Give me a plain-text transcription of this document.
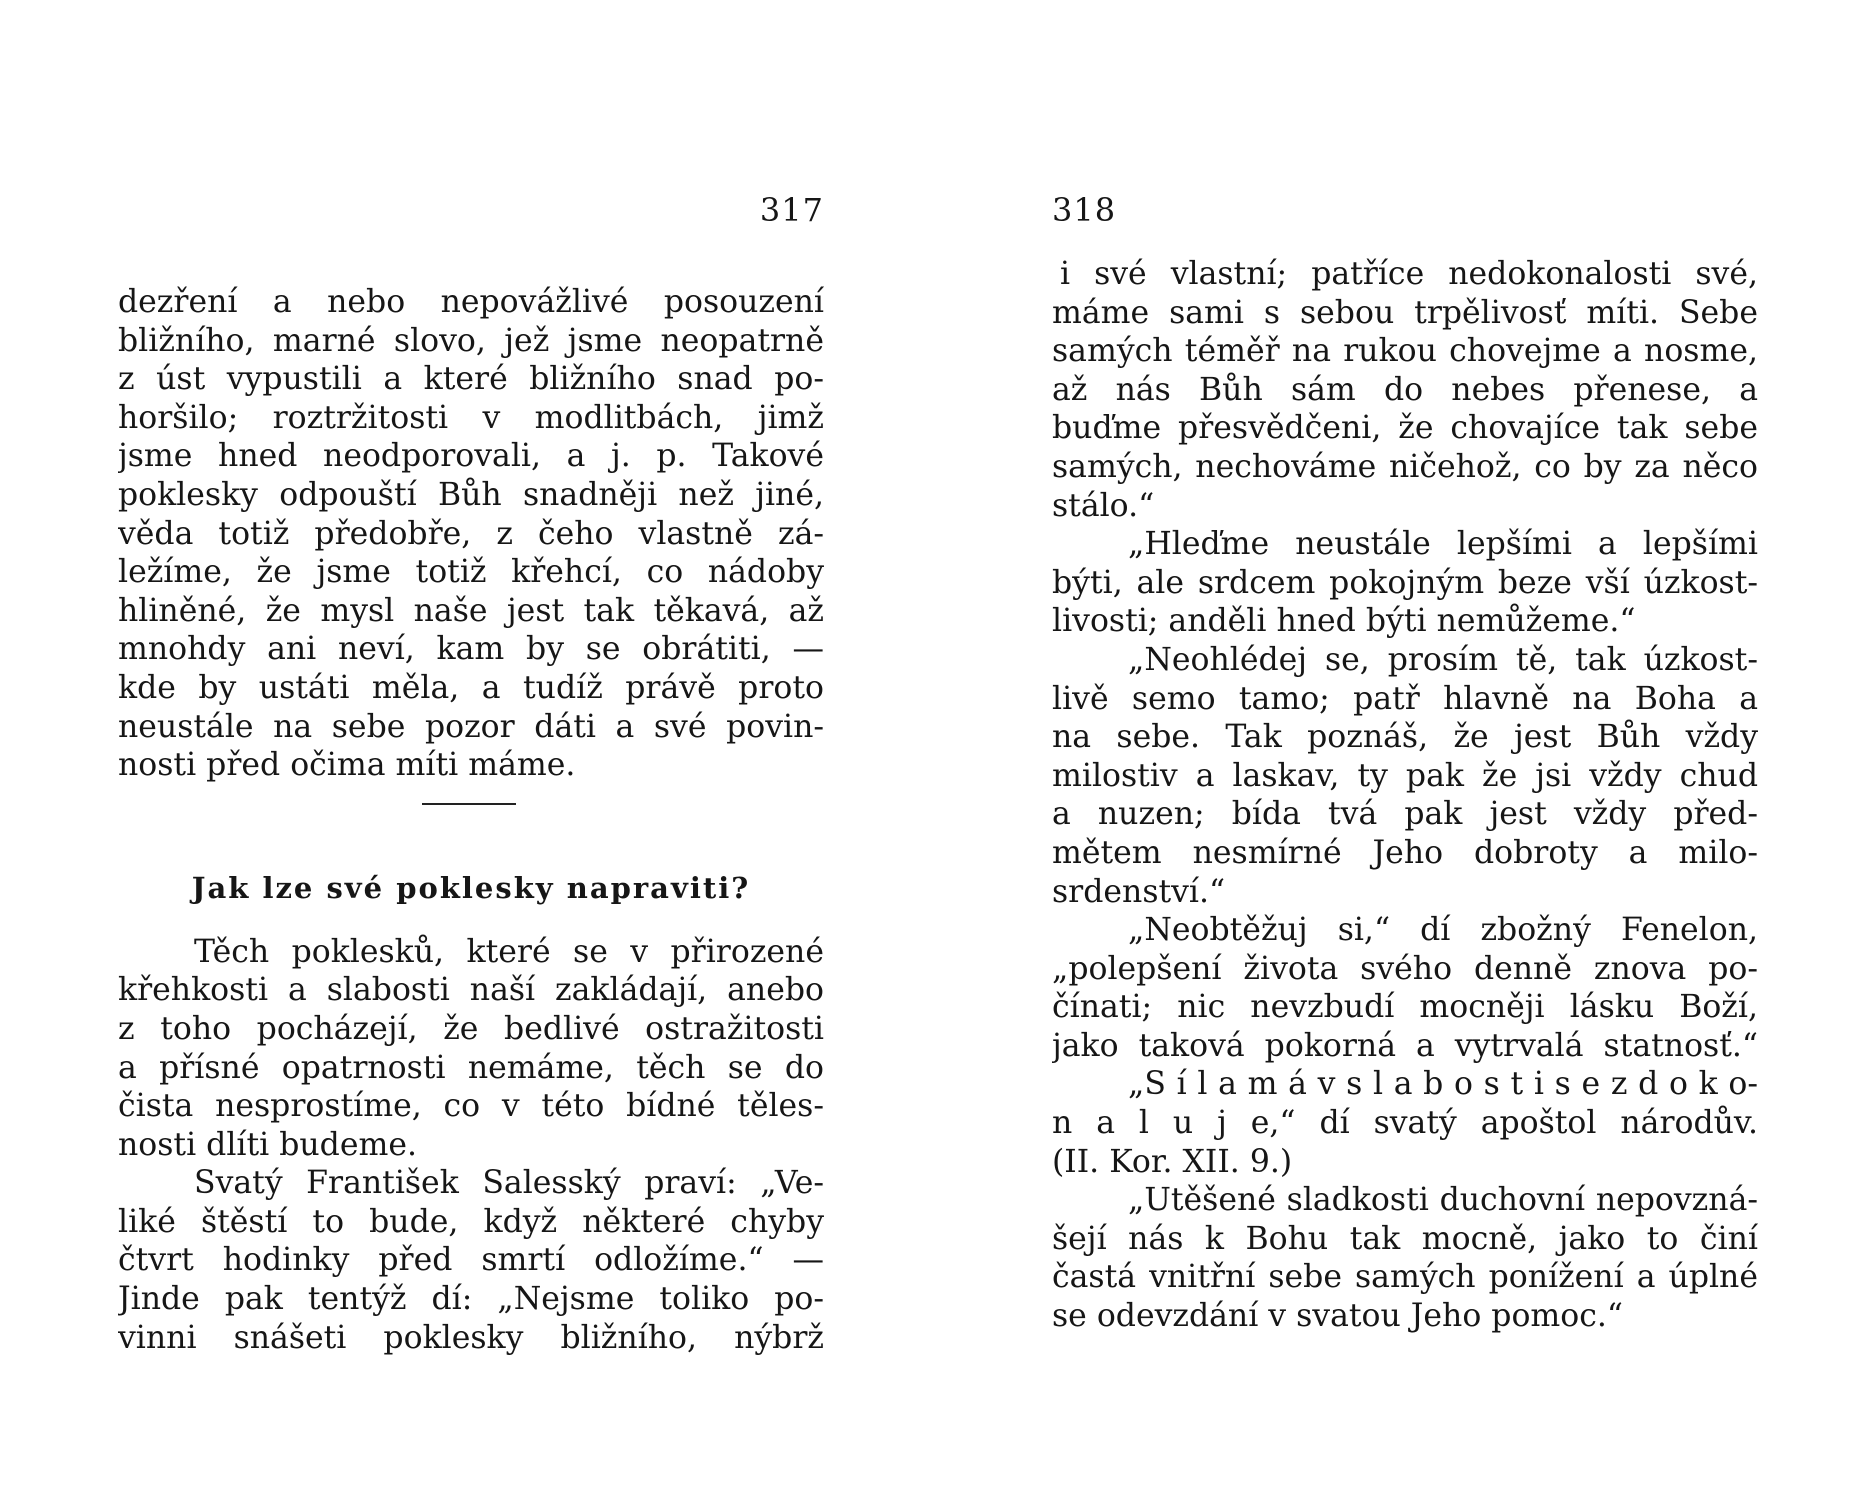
317
dezření a nebo nepovážlivé posouzení
bližního, marné slovo, jež jsme neopatrně
z úst vypustili a které bližního snad po-
horšilo; roztržitosti v modlitbách, jimž
jsme hned neodporovali, a j. p. Takové
poklesky odpouští Bůh snadněji než jiné,
věda totiž předobře, z čeho vlastně zá-
ležíme, že jsme totiž křehcí, co nádoby
hliněné, že mysl naše jest tak těkavá, až
mnohdy ani neví, kam by se obrátiti, —
kde by ustáti měla, a tudíž právě proto
neustále na sebe pozor dáti a své povin-
nosti před očima míti máme.
Jak lze své poklesky napraviti?
Těch poklesků, které se v přirozené
křehkosti a slabosti naší zakládají, anebo
z toho pocházejí, že bedlivé ostražitosti
a přísné opatrnosti nemáme, těch se do
čista nesprostíme, co v této bídné těles-
nosti dlíti budeme.
Svatý František Salesský praví: „Ve-
liké štěstí to bude, když některé chyby
čtvrt hodinky před smrtí odložíme.“ —
Jinde pak tentýž dí: „Nejsme toliko po-
vinni snášeti poklesky bližního, nýbrž
318
i své vlastní; patříce nedokonalosti své,
máme sami s sebou trpělivosť míti. Sebe
samých téměř na rukou chovejme a nosme,
až nás Bůh sám do nebes přenese, a
buďme přesvědčeni, že chovajíce tak sebe
samých, nechováme ničehož, co by za něco
stálo.“
„Hleďme neustále lepšími a lepšími
býti, ale srdcem pokojným beze vší úzkost-
livosti; anděli hned býti nemůžeme.“
„Neohlédej se, prosím tě, tak úzkost-
livě semo tamo; patř hlavně na Boha a
na sebe. Tak poznáš, že jest Bůh vždy
milostiv a laskav, ty pak že jsi vždy chud
a nuzen; bída tvá pak jest vždy před-
mětem nesmírné Jeho dobroty a milo-
srdenství.“
„Neobtěžuj si,“ dí zbožný Fenelon,
„polepšení života svého denně znova po-
čínati; nic nevzbudí mocněji lásku Boží,
jako taková pokorná a vytrvalá statnosť.“
„S í l a m á v s l a b o s t i s e z d o k o-
n a l u j e,“ dí svatý apoštol národův.
(II. Kor. XII. 9.)
„Utěšené sladkosti duchovní nepovzná-
šejí nás k Bohu tak mocně, jako to činí
častá vnitřní sebe samých ponížení a úplné
se odevzdání v svatou Jeho pomoc.“
